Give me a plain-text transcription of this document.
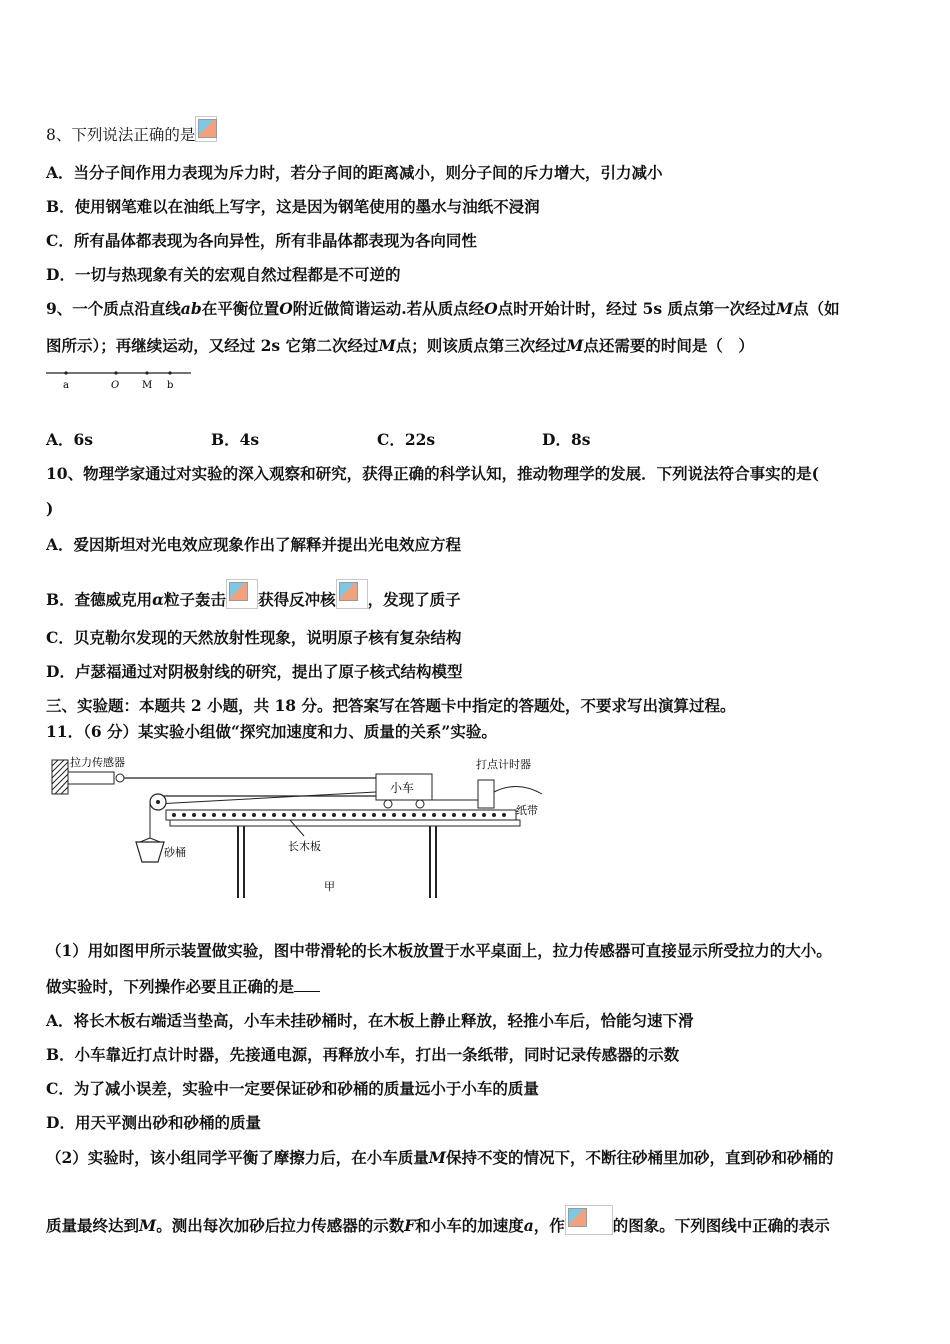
8、下列说法正确的是
A．当分子间作用力表现为斥力时，若分子间的距离减小，则分子间的斥力增大，引力减小
B．使用钢笔难以在油纸上写字，这是因为钢笔使用的墨水与油纸不浸润
C．所有晶体都表现为各向异性，所有非晶体都表现为各向同性
D．一切与热现象有关的宏观自然过程都是不可逆的
9、一个质点沿直线ab在平衡位置O附近做简谐运动.若从质点经O点时开始计时，经过 5s 质点第一次经过M点（如
图所示）；再继续运动，又经过 2s 它第二次经过M点；则该质点第三次经过M点还需要的时间是（　）
a	O M b
A．6s	B．4s	C．22s	D．8s
10、物理学家通过对实验的深入观察和研究，获得正确的科学认知，推动物理学的发展．下列说法符合事实的是(
)
A．爱因斯坦对光电效应现象作出了解释并提出光电效应方程
B．查德威克用α粒子轰击 获得反冲核 ，发现了质子
C．贝克勒尔发现的天然放射性现象，说明原子核有复杂结构
D．卢瑟福通过对阴极射线的研究，提出了原子核式结构模型
三、实验题：本题共 2 小题，共 18 分。把答案写在答题卡中指定的答题处，不要求写出演算过程。
11．（6 分）某实验小组做“探究加速度和力、质量的关系”实验。
拉力传感器
小车
打点计时器
纸带
长木板
砂桶
甲
（1）用如图甲所示装置做实验，图中带滑轮的长木板放置于水平桌面上，拉力传感器可直接显示所受拉力的大小。
做实验时，下列操作必要且正确的是
A．将长木板右端适当垫高，小车未挂砂桶时，在木板上静止释放，轻推小车后，恰能匀速下滑
B．小车靠近打点计时器，先接通电源，再释放小车，打出一条纸带，同时记录传感器的示数
C．为了减小误差，实验中一定要保证砂和砂桶的质量远小于小车的质量
D．用天平测出砂和砂桶的质量
（2）实验时，该小组同学平衡了摩擦力后，在小车质量M保持不变的情况下，不断往砂桶里加砂，直到砂和砂桶的
质量最终达到M。测出每次加砂后拉力传感器的示数F和小车的加速度a，作	的图象。下列图线中正确的表示
